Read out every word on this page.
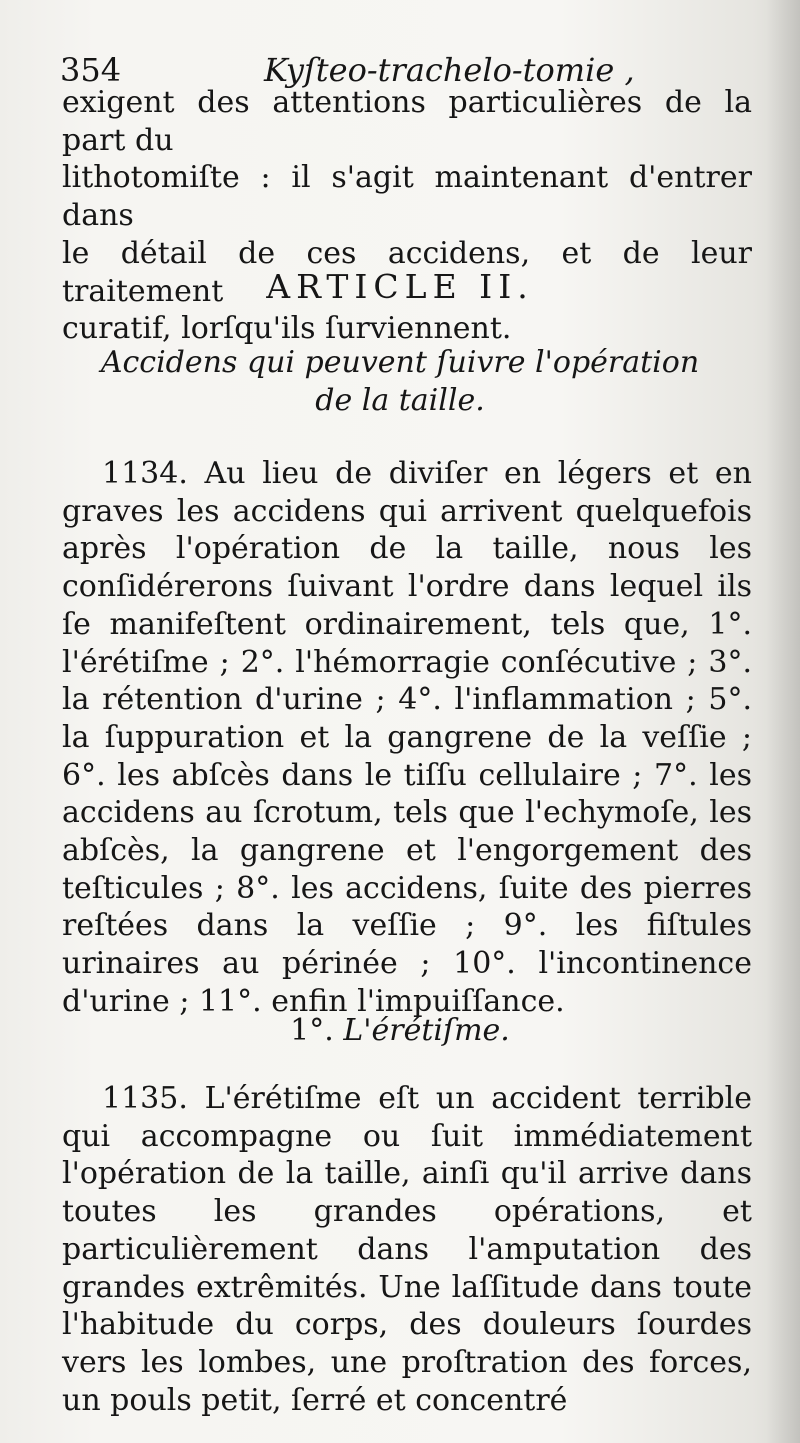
354	Kyſteo-trachelo-tomie ,

exigent des attentions particulières de la part du

lithotomiſte : il s'agit maintenant d'entrer dans

le détail de ces accidens, et de leur traitement

curatif, lorſqu'ils ſurviennent.

ARTICLE II.
Accidens qui peuvent ſuivre l'opération
de la taille.

1134. Au lieu de diviſer en légers et en graves les accidens qui arrivent quelquefois après l'opération de la taille, nous les conſidérerons ſuivant l'ordre dans lequel ils ſe manifeſtent ordinairement, tels que, 1°. l'érétiſme ; 2°. l'hémorragie conſécutive ; 3°. la rétention d'urine ; 4°. l'inflammation ; 5°. la ſuppuration et la gangrene de la veſſie ; 6°. les abſcès dans le tiſſu cellulaire ; 7°. les accidens au ſcrotum, tels que l'echymoſe, les abſcès, la gangrene et l'engorgement des teſticules ; 8°. les accidens, ſuite des pierres reſtées dans la veſſie ; 9°. les fiſtules urinaires au périnée ; 10°. l'incontinence d'urine ; 11°. enfin l'impuiſſance.

1°. L'érétiſme.

1135. L'érétiſme eſt un accident terrible qui accompagne ou ſuit immédiatement l'opération de la taille, ainſi qu'il arrive dans toutes les grandes opérations, et particulièrement dans l'amputation des grandes extrêmités. Une laſſitude dans toute l'habitude du corps, des douleurs ſourdes vers les lombes, une proſtration des forces, un pouls petit, ſerré et concentré
